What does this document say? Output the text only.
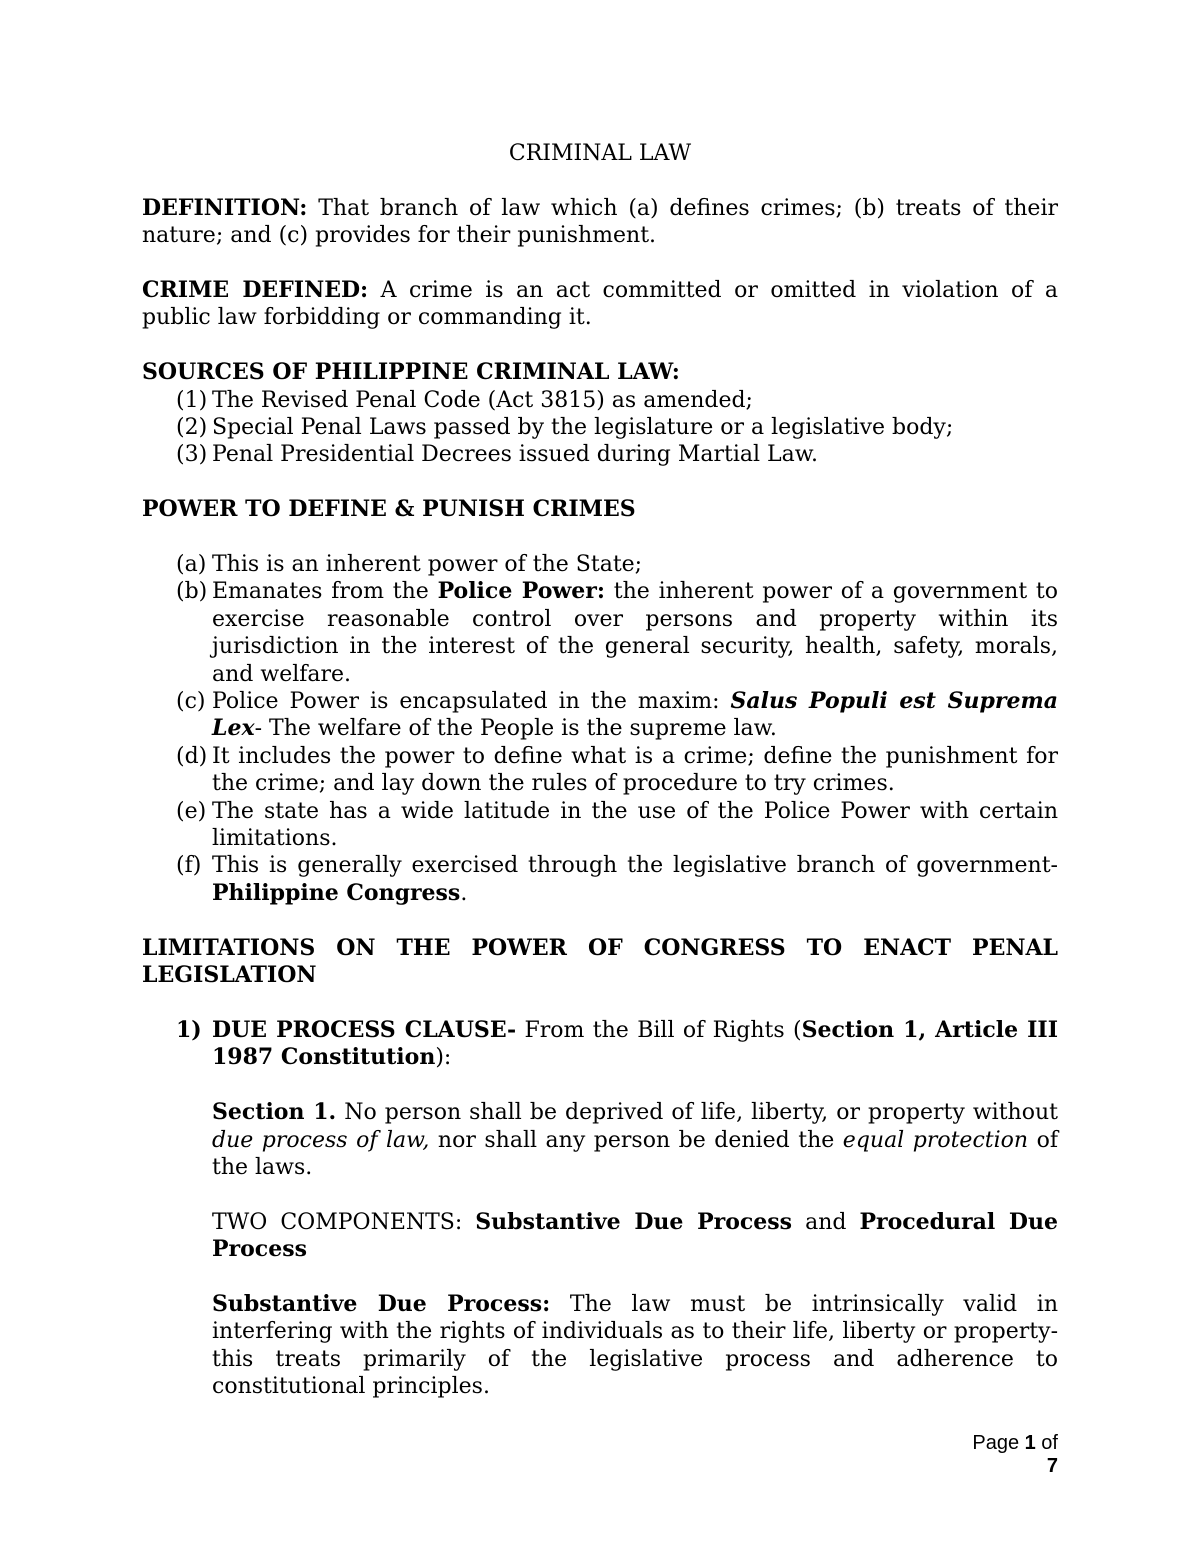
CRIMINAL LAW

DEFINITION: That branch of law which (a) defines crimes; (b) treats of their nature; and (c) provides for their punishment.

CRIME DEFINED: A crime is an act committed or omitted in violation of a public law forbidding or commanding it.

SOURCES OF PHILIPPINE CRIMINAL LAW:

(1) The Revised Penal Code (Act 3815) as amended;
(2) Special Penal Laws passed by the legislature or a legislative body;
(3) Penal Presidential Decrees issued during Martial Law.

POWER TO DEFINE & PUNISH CRIMES

(a) This is an inherent power of the State;
(b) Emanates from the Police Power: the inherent power of a government to exercise reasonable control over persons and property within its jurisdiction in the interest of the general security, health, safety, morals, and welfare.
(c) Police Power is encapsulated in the maxim: Salus Populi est Suprema Lex- The welfare of the People is the supreme law.
(d) It includes the power to define what is a crime; define the punishment for the crime; and lay down the rules of procedure to try crimes.
(e) The state has a wide latitude in the use of the Police Power with certain limitations.
(f) This is generally exercised through the legislative branch of government- Philippine Congress.

LIMITATIONS ON THE POWER OF CONGRESS TO ENACT PENAL LEGISLATION

1) DUE PROCESS CLAUSE- From the Bill of Rights (Section 1, Article III 1987 Constitution):

Section 1. No person shall be deprived of life, liberty, or property without due process of law, nor shall any person be denied the equal protection of the laws.

TWO COMPONENTS: Substantive Due Process and Procedural Due Process

Substantive Due Process: The law must be intrinsically valid in interfering with the rights of individuals as to their life, liberty or property- this treats primarily of the legislative process and adherence to constitutional principles.

Page 1 of 7
